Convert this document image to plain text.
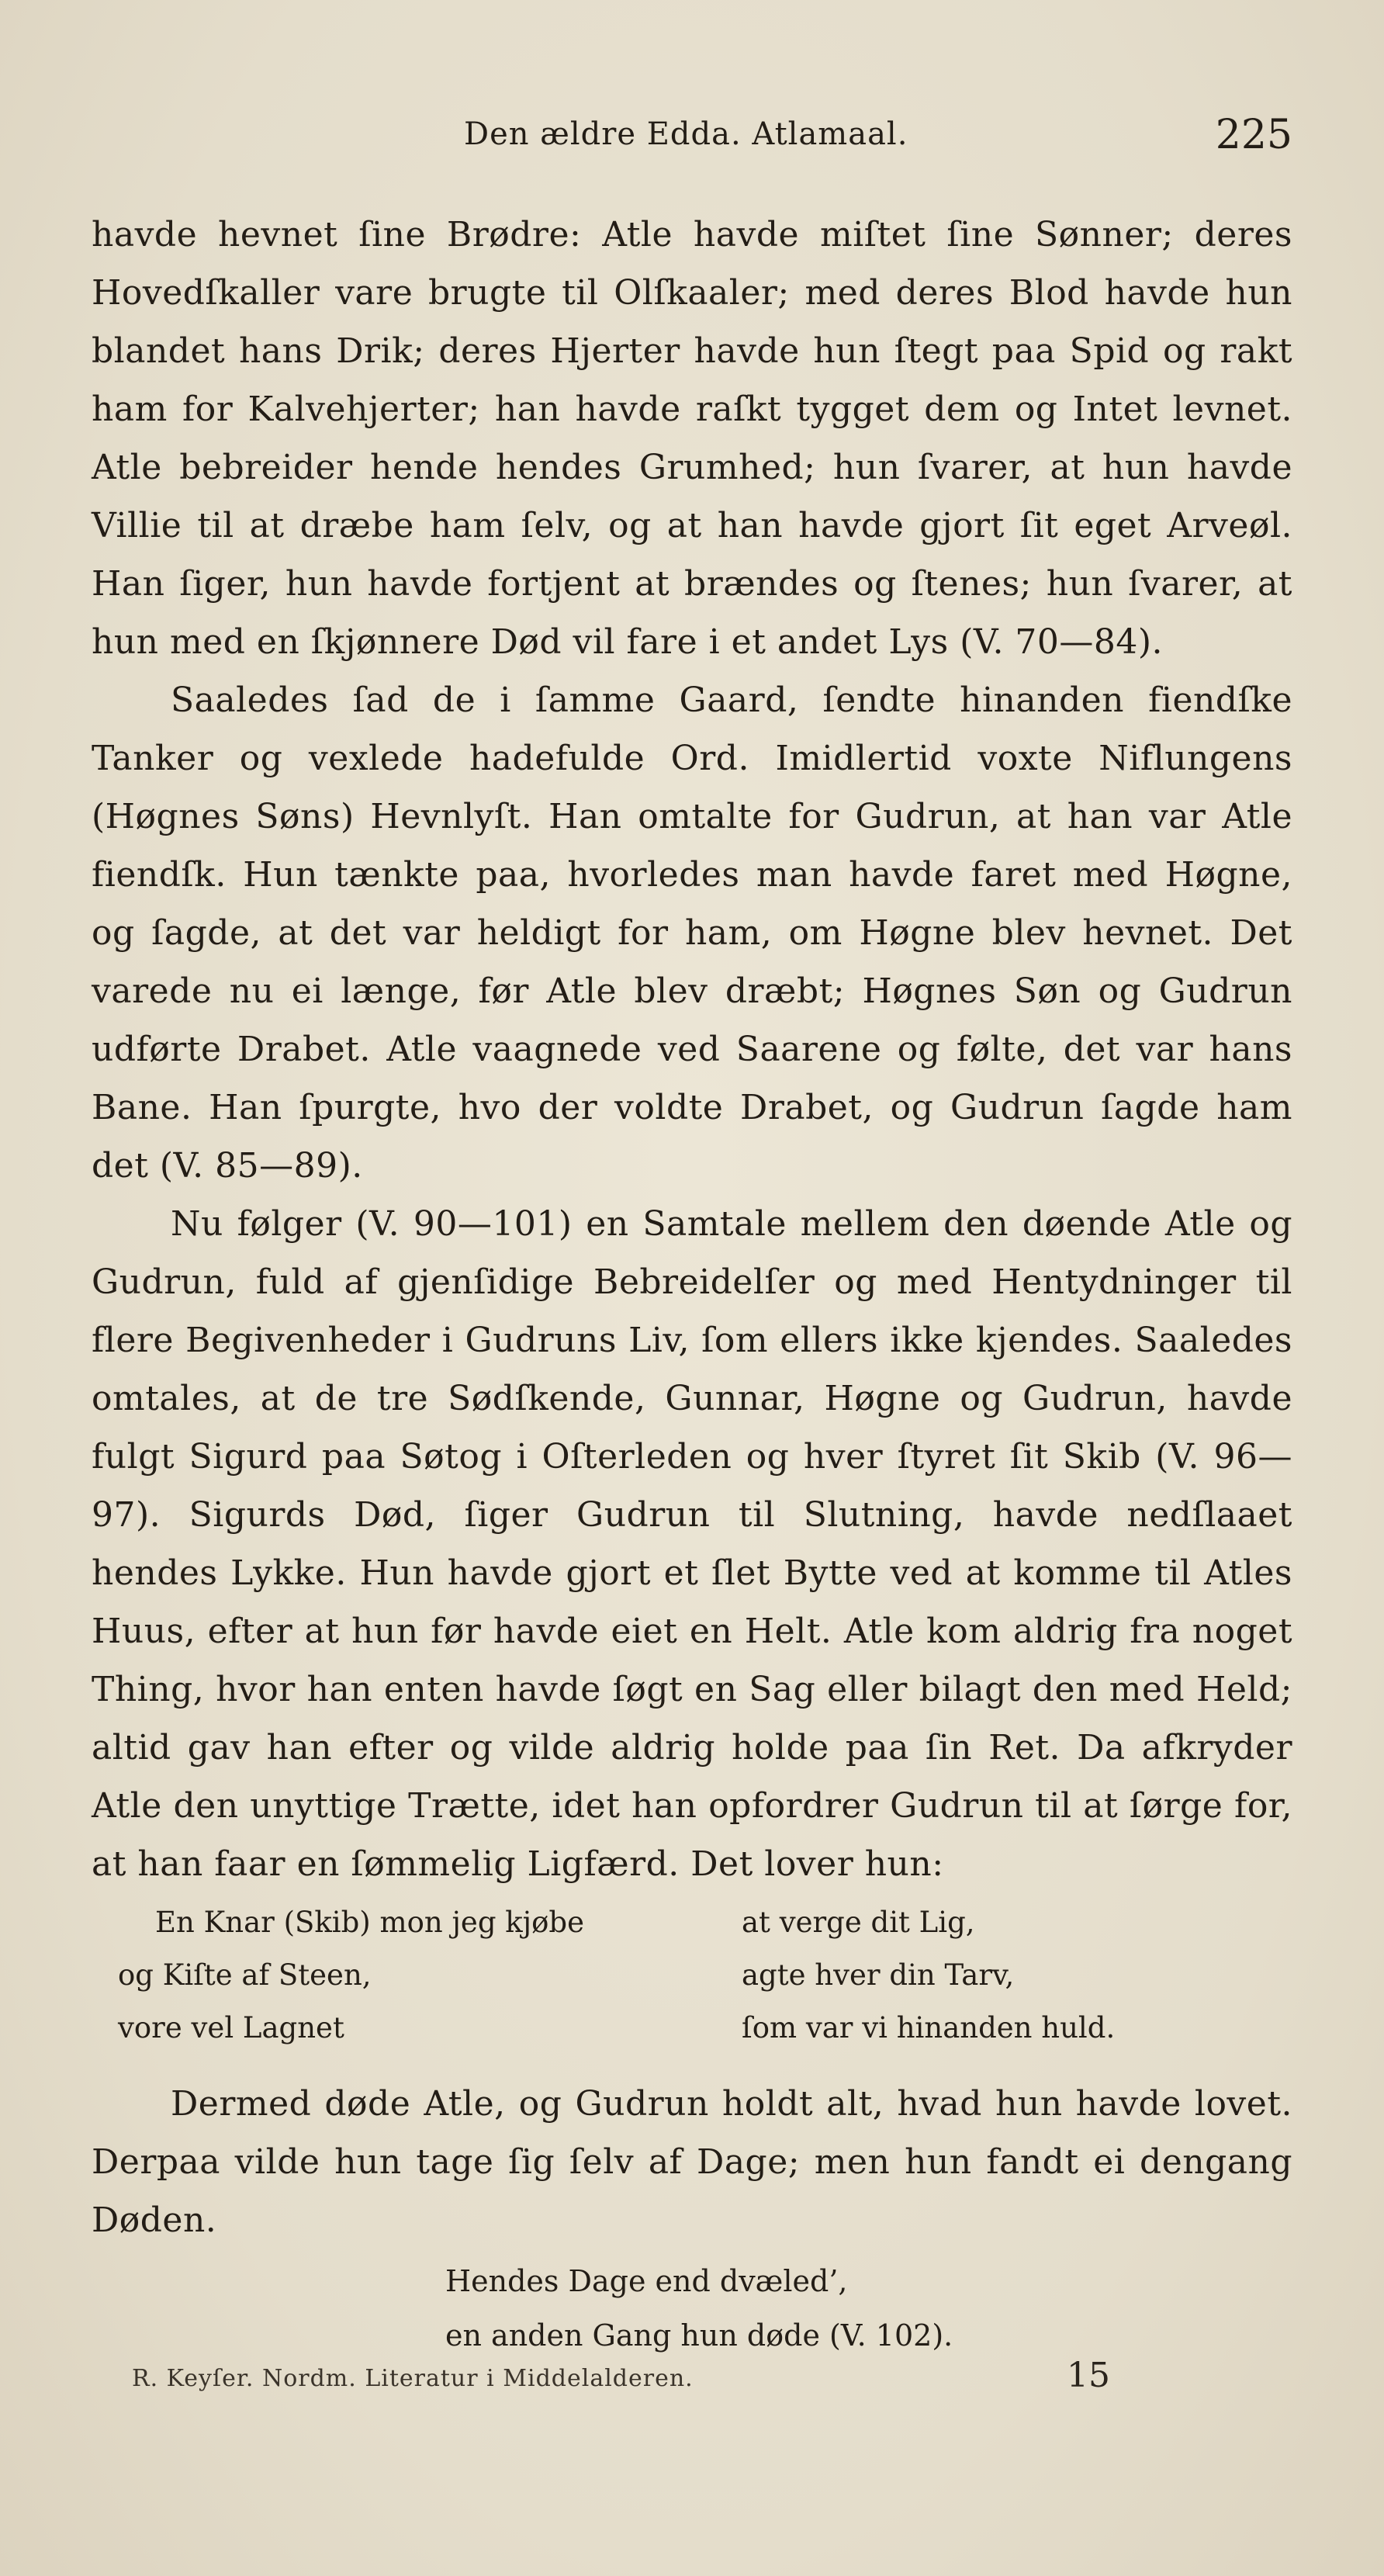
Den ældre Edda. Atlamaal.	225

havde hevnet ſine Brødre: Atle havde miſtet ſine Sønner; deres Hovedſkaller vare brugte til Olſkaaler; med deres Blod havde hun blandet hans Drik; deres Hjerter havde hun ſtegt paa Spid og rakt ham for Kalvehjerter; han havde raſkt tygget dem og Intet levnet. Atle bebreider hende hendes Grumhed; hun ſvarer, at hun havde Villie til at dræbe ham ſelv, og at han havde gjort ſit eget Arveøl. Han ſiger, hun havde fortjent at brændes og ſtenes; hun ſvarer, at hun med en ſkjønnere Død vil fare i et andet Lys (V. 70—84).

Saaledes ſad de i ſamme Gaard, ſendte hinanden fiendſke Tanker og vexlede hadefulde Ord. Imidlertid voxte Niflungens (Høgnes Søns) Hevnlyſt. Han omtalte for Gudrun, at han var Atle fiendſk. Hun tænkte paa, hvorledes man havde faret med Høgne, og ſagde, at det var heldigt for ham, om Høgne blev hevnet. Det varede nu ei længe, før Atle blev dræbt; Høgnes Søn og Gudrun udførte Drabet. Atle vaagnede ved Saarene og følte, det var hans Bane. Han ſpurgte, hvo der voldte Drabet, og Gudrun ſagde ham det (V. 85—89).

Nu følger (V. 90—101) en Samtale mellem den døende Atle og Gudrun, fuld af gjenſidige Bebreidelſer og med Hentydninger til flere Begivenheder i Gudruns Liv, ſom ellers ikke kjendes. Saaledes omtales, at de tre Sødſkende, Gunnar, Høgne og Gudrun, havde fulgt Sigurd paa Søtog i Oſterleden og hver ſtyret ſit Skib (V. 96—97). Sigurds Død, ſiger Gudrun til Slutning, havde nedſlaaet hendes Lykke. Hun havde gjort et ſlet Bytte ved at komme til Atles Huus, efter at hun før havde eiet en Helt. Atle kom aldrig fra noget Thing, hvor han enten havde ſøgt en Sag eller bilagt den med Held; altid gav han efter og vilde aldrig holde paa ſin Ret. Da afkryder Atle den unyttige Trætte, idet han opfordrer Gudrun til at ſørge for, at han faar en ſømmelig Ligfærd. Det lover hun:

En Knar (Skib) mon jeg kjøbe
og Kiſte af Steen,
vore vel Lagnet
at verge dit Lig,
agte hver din Tarv,
ſom var vi hinanden huld.

Dermed døde Atle, og Gudrun holdt alt, hvad hun havde lovet. Derpaa vilde hun tage ſig ſelv af Dage; men hun fandt ei dengang Døden.

Hendes Dage end dvæled’,
en anden Gang hun døde (V. 102).
R. Keyſer. Nordm. Literatur i Middelalderen.	15
